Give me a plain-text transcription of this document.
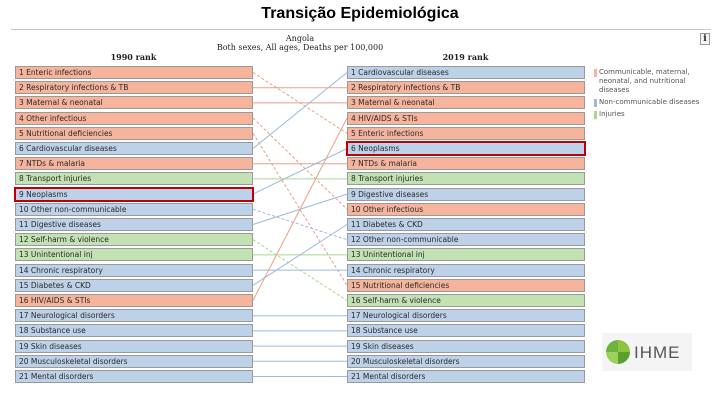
Transição Epidemiológica
Angola
Both sexes, All ages, Deaths per 100,000
1990 rank	2019 rank
i
1 Enteric infections
2 Respiratory infections & TB
3 Maternal & neonatal
4 Other infectious
5 Nutritional deficiencies
6 Cardiovascular diseases
7 NTDs & malaria
8 Transport injuries
9 Neoplasms
10 Other non-communicable
11 Digestive diseases
12 Self-harm & violence
13 Unintentional inj
14 Chronic respiratory
15 Diabetes & CKD
16 HIV/AIDS & STIs
17 Neurological disorders
18 Substance use
19 Skin diseases
20 Musculoskeletal disorders
21 Mental disorders
1 Cardiovascular diseases
2 Respiratory infections & TB
3 Maternal & neonatal
4 HIV/AIDS & STIs
5 Enteric infections
6 Neoplasms
7 NTDs & malaria
8 Transport injuries
9 Digestive diseases
10 Other infectious
11 Diabetes & CKD
12 Other non-communicable
13 Unintentional inj
14 Chronic respiratory
15 Nutritional deficiencies
16 Self-harm & violence
17 Neurological disorders
18 Substance use
19 Skin diseases
20 Musculoskeletal disorders
21 Mental disorders
Communicable, maternal, neonatal, and nutritional diseases
Non-communicable diseases
Injuries
IHME
